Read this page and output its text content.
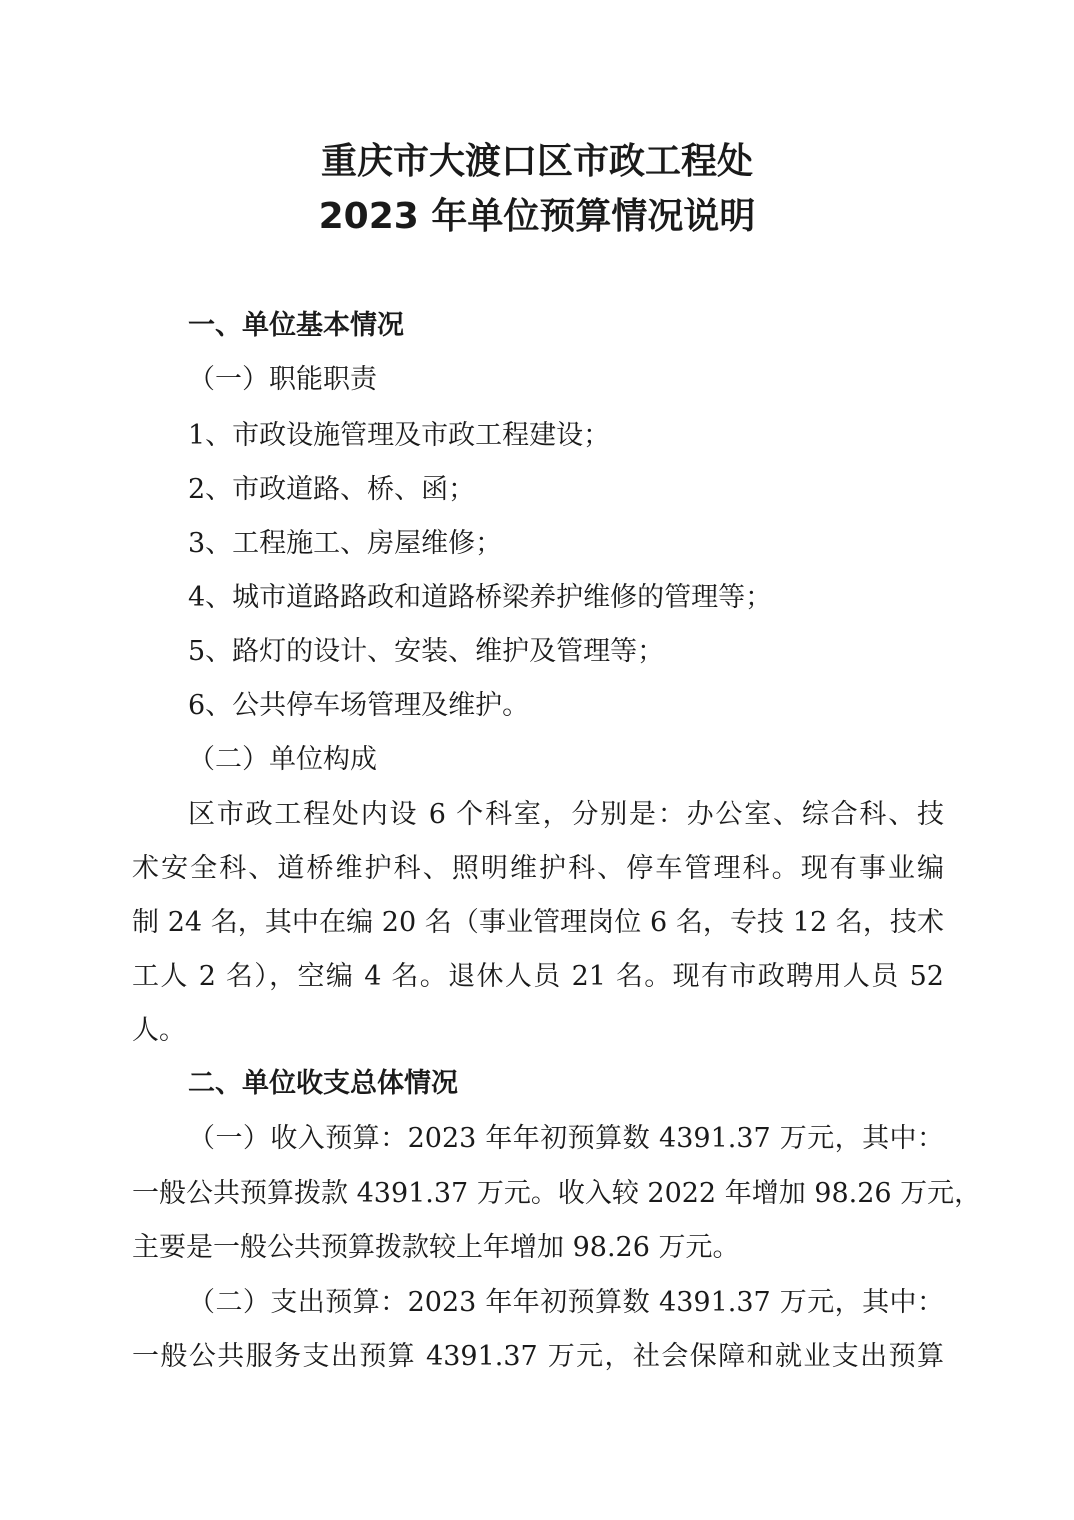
重庆市大渡口区市政工程处
2023 年单位预算情况说明

一、单位基本情况

（一）职能职责

1、市政设施管理及市政工程建设；

2、市政道路、桥、函；

3、工程施工、房屋维修；

4、城市道路路政和道路桥梁养护维修的管理等；

5、路灯的设计、安装、维护及管理等；

6、公共停车场管理及维护。

（二）单位构成

区市政工程处内设 6 个科室，分别是：办公室、综合科、技

术安全科、道桥维护科、照明维护科、停车管理科。现有事业编

制 24 名，其中在编 20 名（事业管理岗位 6 名，专技 12 名，技术

工人 2 名），空编 4 名。退休人员 21 名。现有市政聘用人员 52

人。

二、单位收支总体情况

（一）收入预算：2023 年年初预算数 4391.37 万元，其中：

一般公共预算拨款 4391.37 万元。收入较 2022 年增加 98.26 万元，

主要是一般公共预算拨款较上年增加 98.26 万元。

（二）支出预算：2023 年年初预算数 4391.37 万元，其中：

一般公共服务支出预算 4391.37 万元，社会保障和就业支出预算
